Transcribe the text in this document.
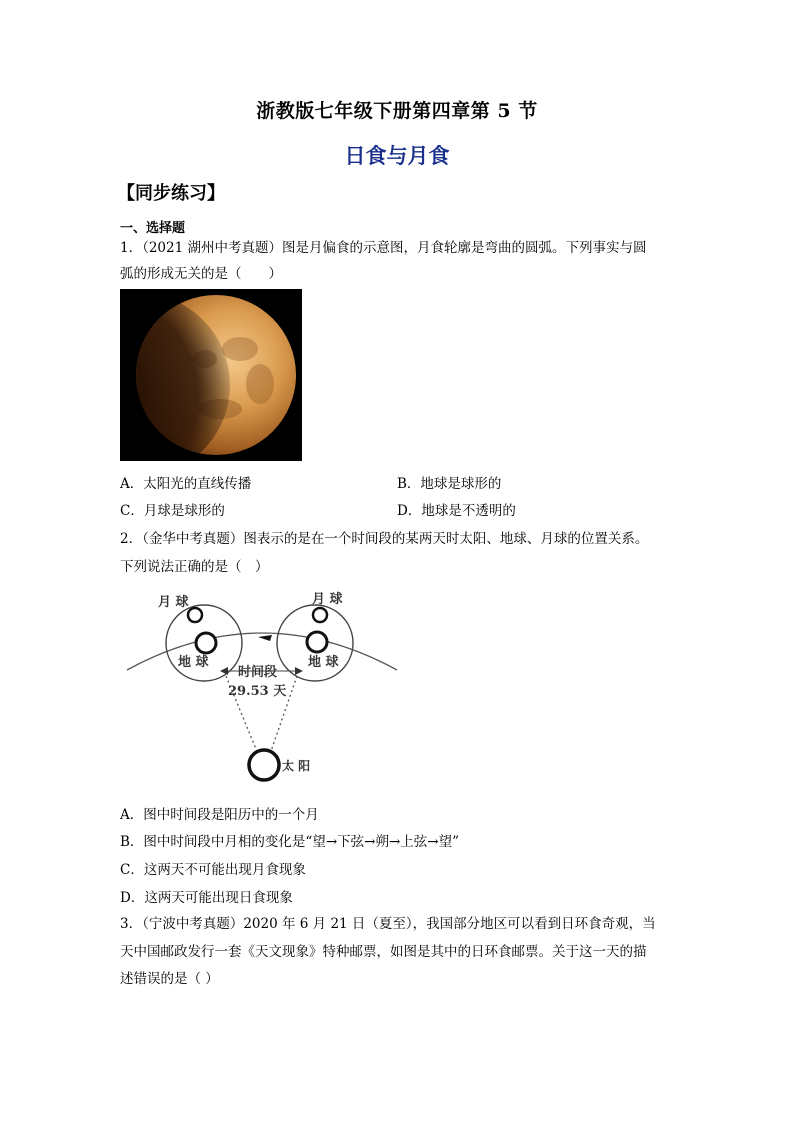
浙教版七年级下册第四章第 5 节
日食与月食
【同步练习】
一、选择题
1．（2021 湖州中考真题）图是月偏食的示意图，月食轮廓是弯曲的圆弧。下列事实与圆
弧的形成无关的是（　　）
A．太阳光的直线传播	B．地球是球形的
C．月球是球形的	D．地球是不透明的
2．（金华中考真题）图表示的是在一个时间段的某两天时太阳、地球、月球的位置关系。
下列说法正确的是（　）
月 球	月 球
地 球	地 球
时间段
29.53 天
太 阳
A．图中时间段是阳历中的一个月
B．图中时间段中月相的变化是“望→下弦→朔→上弦→望”
C．这两天不可能出现月食现象
D．这两天可能出现日食现象
3．（宁波中考真题）2020 年 6 月 21 日（夏至），我国部分地区可以看到日环食奇观，当
天中国邮政发行一套《天文现象》特种邮票，如图是其中的日环食邮票。关于这一天的描
述错误的是（ ）
